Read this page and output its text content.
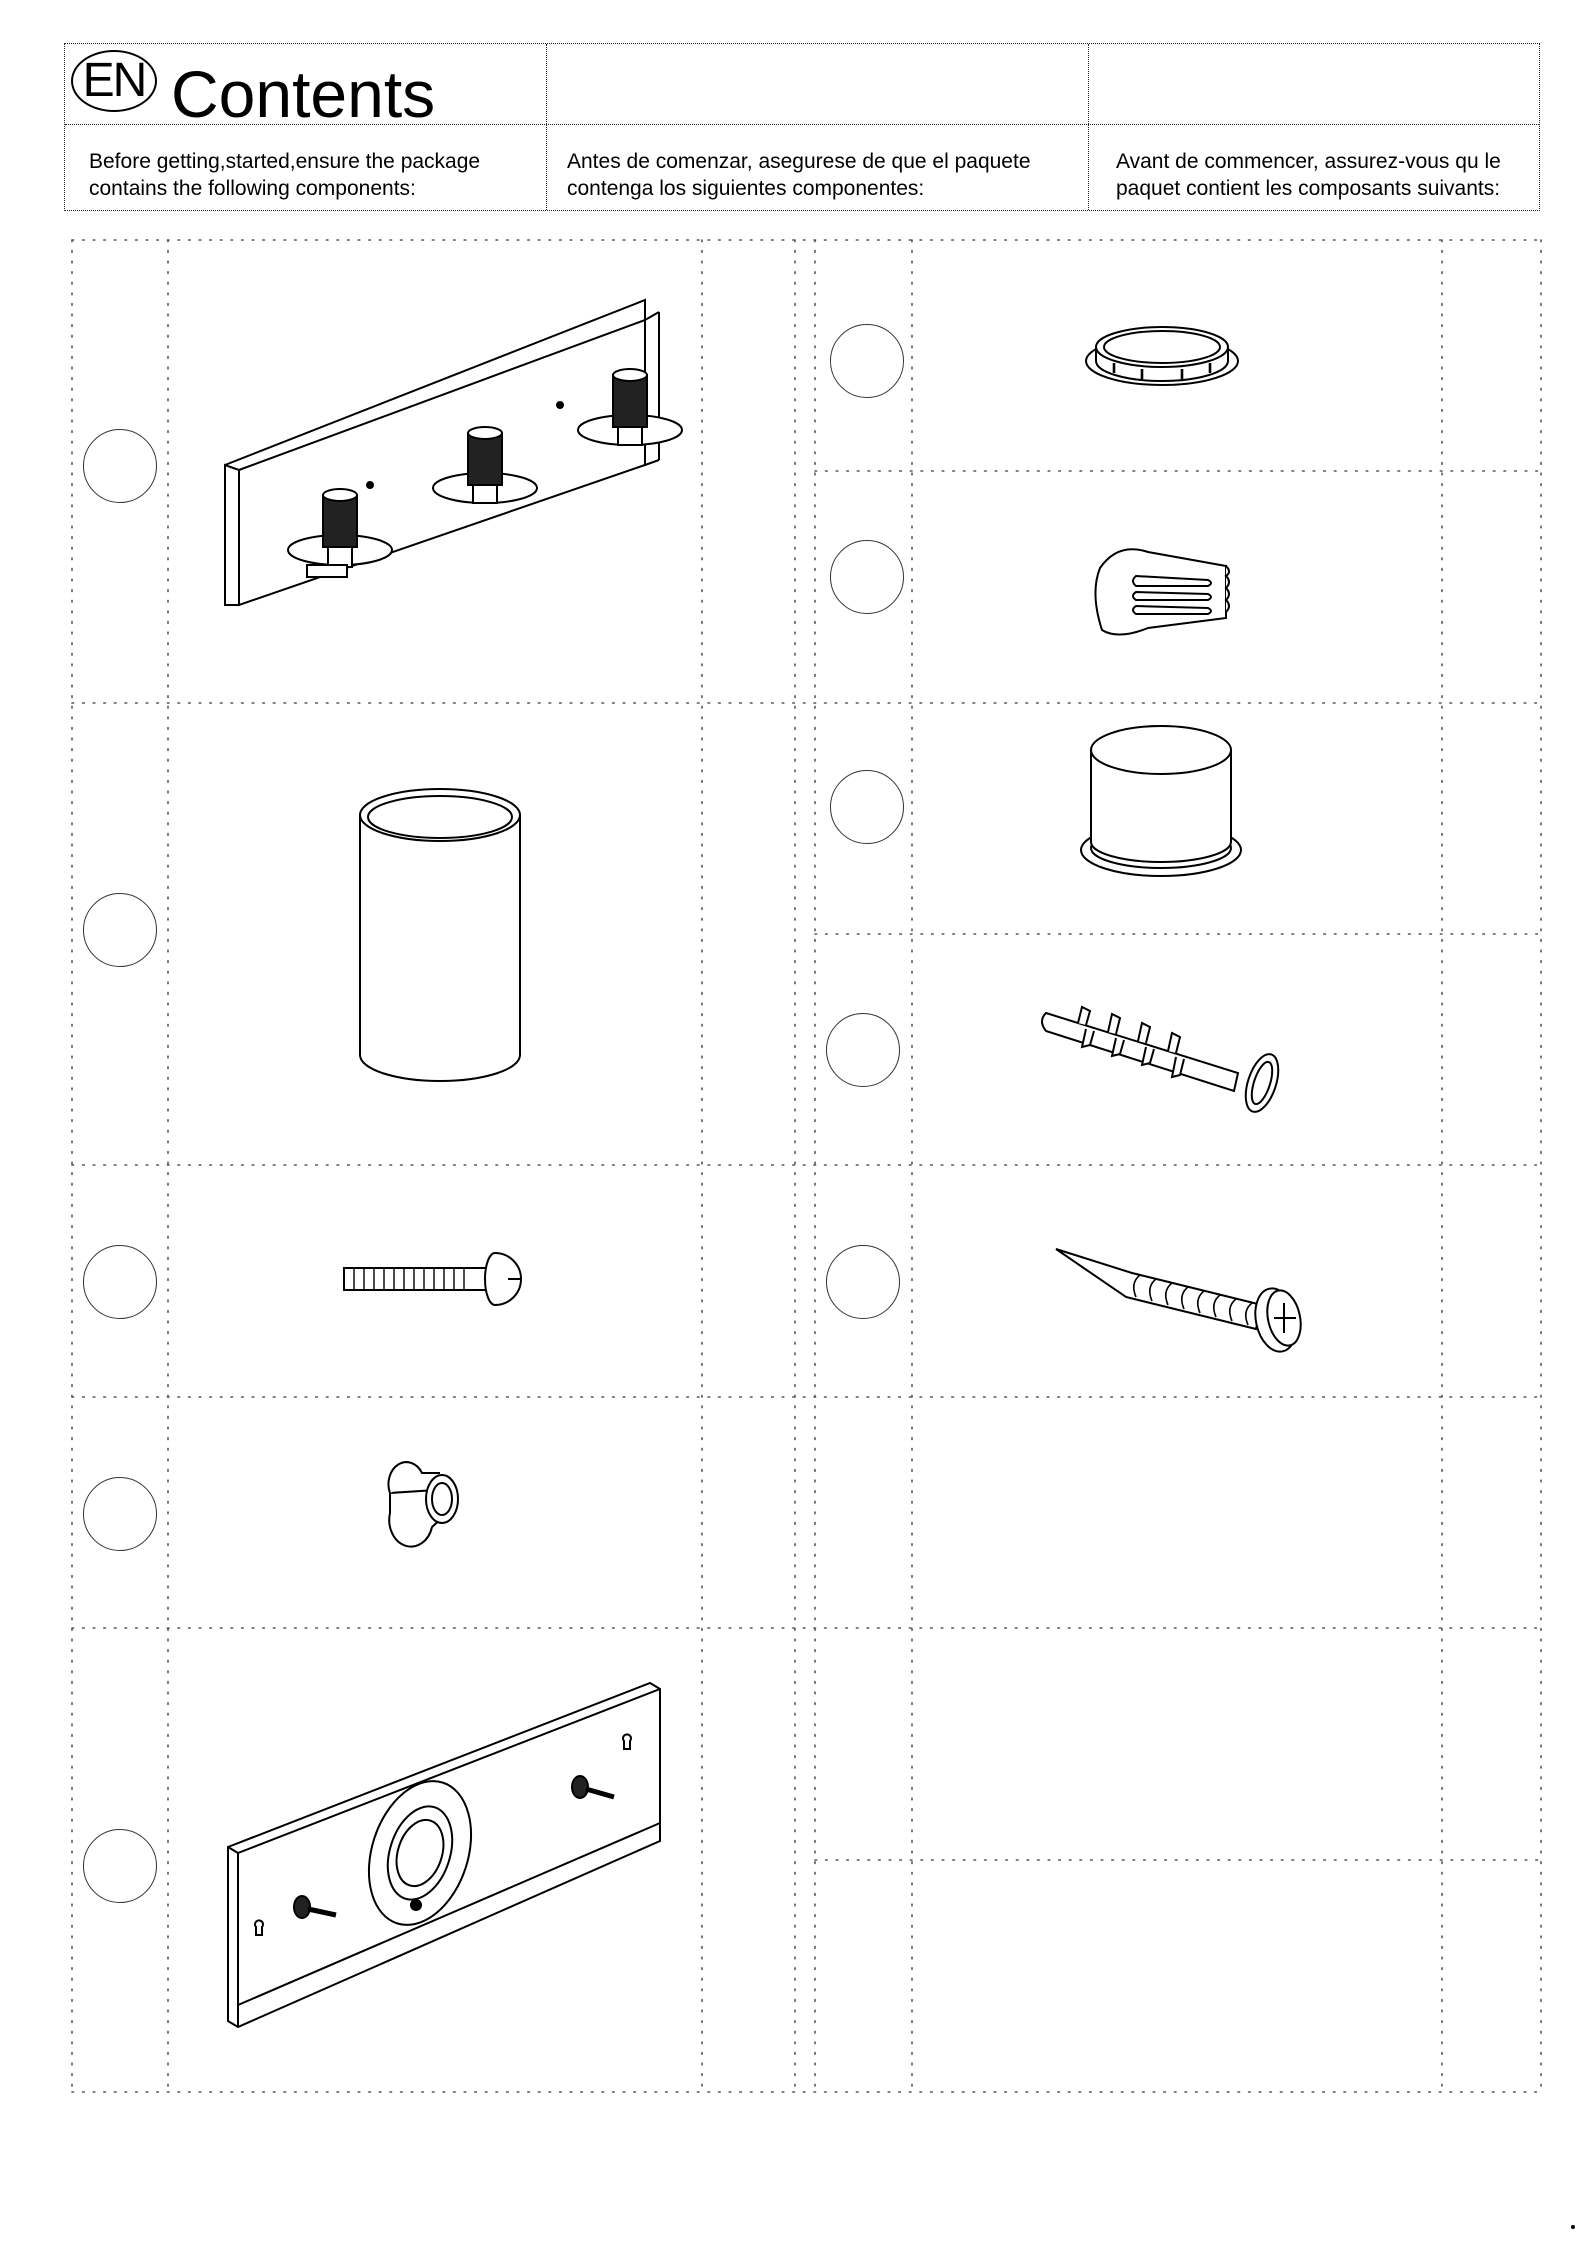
EN Contents
Before getting,started,ensure the package
contains the following components:
Antes de comenzar, asegurese de que el paquete
contenga los siguientes componentes:
Avant de commencer, assurez-vous qu le
paquet contient les composants suivants:
